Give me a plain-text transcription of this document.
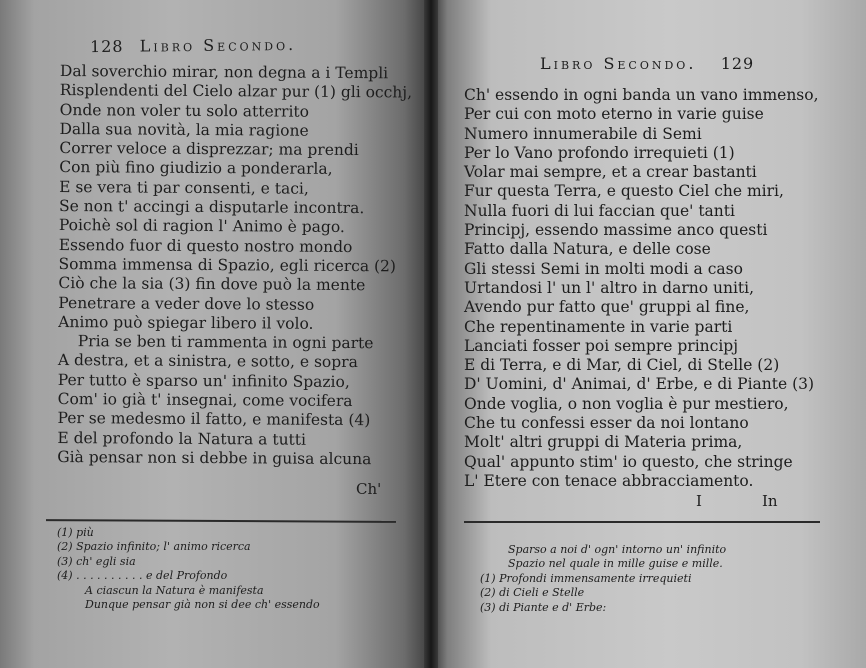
128 Libro Secondo.
Dal soverchio mirar, non degna a i Templi
Risplendenti del Cielo alzar pur (1) gli occhj,
Onde non voler tu solo atterrito
Dalla sua novità, la mia ragione
Correr veloce a disprezzar; ma prendi
Con più fino giudizio a ponderarla,
E se vera ti par consenti, e taci,
Se non t' accingi a disputarle incontra.
Poichè sol di ragion l' Animo è pago.
Essendo fuor di questo nostro mondo
Somma immensa di Spazio, egli ricerca (2)
Ciò che la sia (3) fin dove può la mente
Penetrare a veder dove lo stesso
Animo può spiegar libero il volo.
Pria se ben ti rammenta in ogni parte
A destra, et a sinistra, e sotto, e sopra
Per tutto è sparso un' infinito Spazio,
Com' io già t' insegnai, come vocifera
Per se medesmo il fatto, e manifesta (4)
E del profondo la Natura a tutti
Già pensar non si debbe in guisa alcuna
Ch'
(1) più
(2) Spazio infinito; l' animo ricerca
(3) ch' egli sia
(4) . . . . . . . . . . e del Profondo
A ciascun la Natura è manifesta
Dunque pensar già non si dee ch' essendo
Libro Secondo. 129
Ch' essendo in ogni banda un vano immenso,
Per cui con moto eterno in varie guise
Numero innumerabile di Semi
Per lo Vano profondo irrequieti (1)
Volar mai sempre, et a crear bastanti
Fur questa Terra, e questo Ciel che miri,
Nulla fuori di lui faccian que' tanti
Principj, essendo massime anco questi
Fatto dalla Natura, e delle cose
Gli stessi Semi in molti modi a caso
Urtandosi l' un l' altro in darno uniti,
Avendo pur fatto que' gruppi al fine,
Che repentinamente in varie parti
Lanciati fosser poi sempre principj
E di Terra, e di Mar, di Ciel, di Stelle (2)
D' Uomini, d' Animai, d' Erbe, e di Piante (3)
Onde voglia, o non voglia è pur mestiero,
Che tu confessi esser da noi lontano
Molt' altri gruppi di Materia prima,
Qual' appunto stim' io questo, che stringe
L' Etere con tenace abbracciamento.
IIn
Sparso a noi d' ogn' intorno un' infinito
Spazio nel quale in mille guise e mille.
(1) Profondi immensamente irrequieti
(2) di Cieli e Stelle
(3) di Piante e d' Erbe:
